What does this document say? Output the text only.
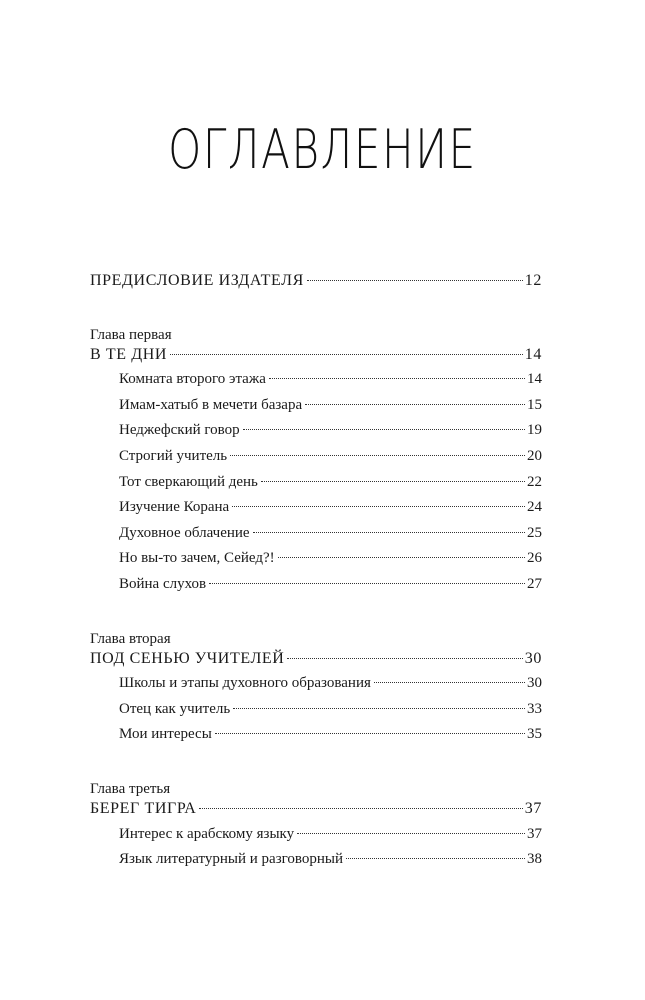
ОГЛАВЛЕНИЕ
ПРЕДИСЛОВИЕ ИЗДАТЕЛЯ	12
Глава первая
В ТЕ ДНИ	14
Комната второго этажа	14
Имам-хатыб в мечети базара	15
Неджефский говор	19
Строгий учитель	20
Тот сверкающий день	22
Изучение Корана	24
Духовное облачение	25
Но вы-то зачем, Сейед?!	26
Война слухов	27
Глава вторая
ПОД СЕНЬЮ УЧИТЕЛЕЙ	30
Школы и этапы духовного образования	30
Отец как учитель	33
Мои интересы	35
Глава третья
БЕРЕГ ТИГРА	37
Интерес к арабскому языку	37
Язык литературный и разговорный	38
